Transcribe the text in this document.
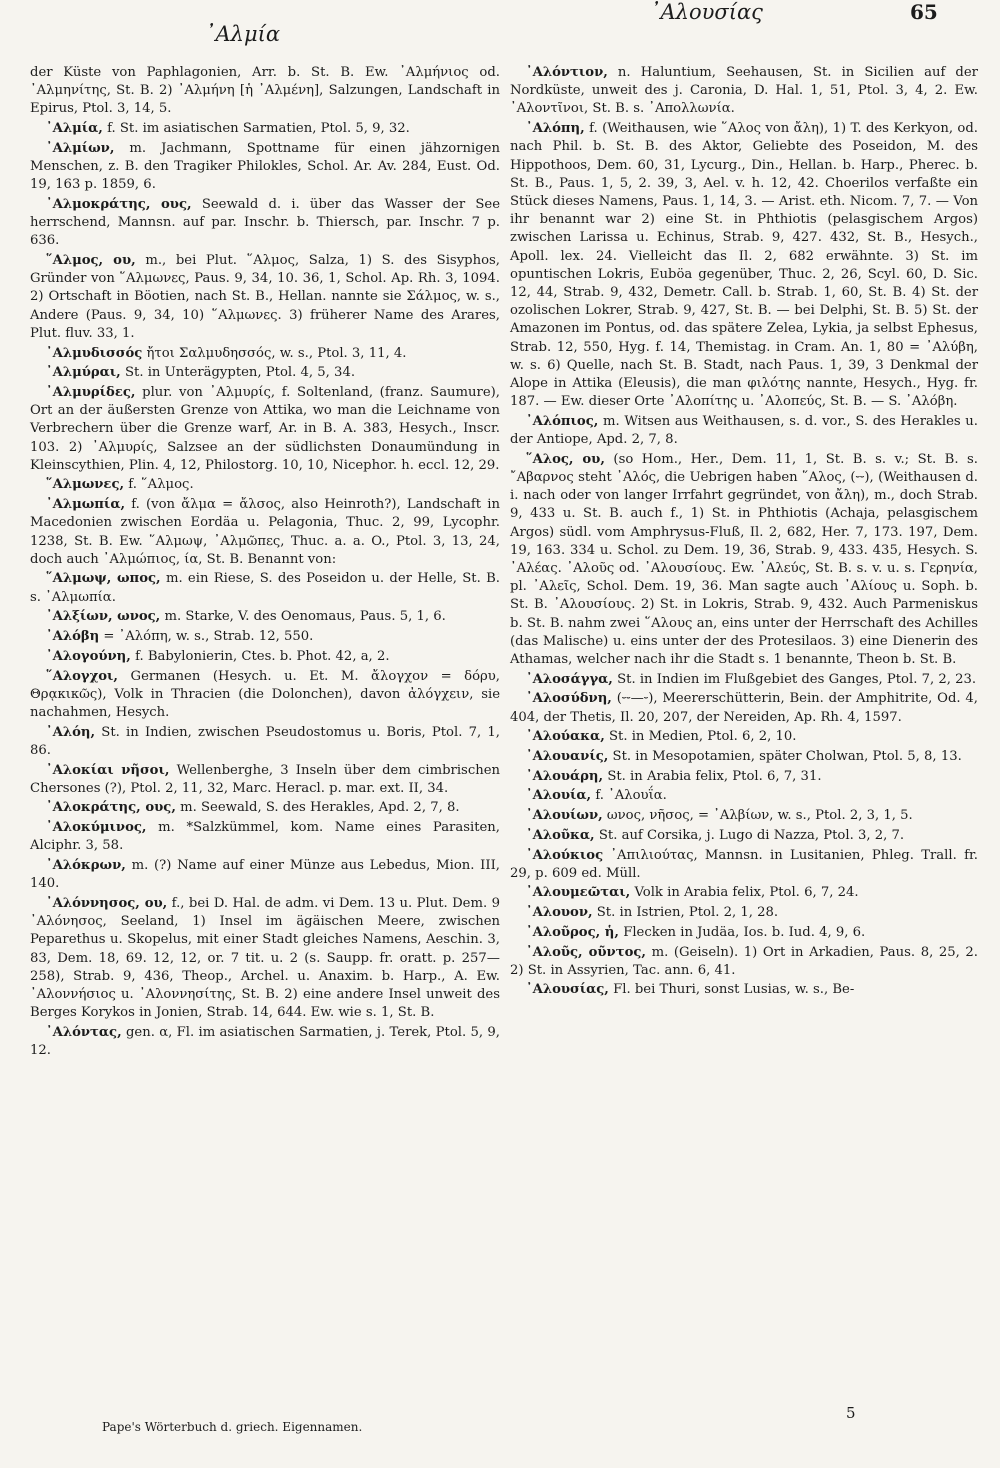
᾿Αλμία
᾿Αλουσίας	65

der Küste von Paphlagonien, Arr. b. St. B. Ew. ᾿Αλμήνιος od. ᾿Αλμηνίτης, St. B. 2) ᾿Αλμήνη [ἡ ᾿Αλμένη], Salzungen, Landschaft in Epirus, Ptol. 3, 14, 5.

᾿Αλμία, f. St. im asiatischen Sarmatien, Ptol. 5, 9, 32.

᾿Αλμίων, m. Jachmann, Spottname für einen jähzornigen Menschen, z. B. den Tragiker Philokles, Schol. Ar. Av. 284, Eust. Od. 19, 163 p. 1859, 6.

᾿Αλμοκράτης, ους, Seewald d. i. über das Wasser der See herrschend, Mannsn. auf par. Inschr. b. Thiersch, par. Inschr. 7 p. 636.

῞Αλμος, ου, m., bei Plut. ῞Αλμος, Salza, 1) S. des Sisyphos, Gründer von ῞Αλμωνες, Paus. 9, 34, 10. 36, 1, Schol. Ap. Rh. 3, 1094. 2) Ortschaft in Böotien, nach St. B., Hellan. nannte sie Σάλμος, w. s., Andere (Paus. 9, 34, 10) ῞Αλμωνες. 3) früherer Name des Arares, Plut. fluv. 33, 1.

᾿Αλμυδισσός ἤτοι Σαλμυδησσός, w. s., Ptol. 3, 11, 4.

᾿Αλμύραι, St. in Unterägypten, Ptol. 4, 5, 34.

᾿Αλμυρίδες, plur. von ᾿Αλμυρίς, f. Soltenland, (franz. Saumure), Ort an der äußersten Grenze von Attika, wo man die Leichname von Verbrechern über die Grenze warf, Ar. in B. A. 383, Hesych., Inscr. 103. 2) ᾿Αλμυρίς, Salzsee an der südlichsten Donaumündung in Kleinscythien, Plin. 4, 12, Philostorg. 10, 10, Nicephor. h. eccl. 12, 29.

῞Αλμωνες, f. ῞Αλμος.

᾿Αλμωπία, f. (von ἄλμα = ἄλσος, also Heinroth?), Landschaft in Macedonien zwischen Eordäa u. Pelagonia, Thuc. 2, 99, Lycophr. 1238, St. B. Ew. ῞Αλμωψ, ᾿Αλμῶπες, Thuc. a. a. O., Ptol. 3, 13, 24, doch auch ᾿Αλμώπιος, ία, St. B. Benannt von:

῞Αλμωψ, ωπος, m. ein Riese, S. des Poseidon u. der Helle, St. B. s. ᾿Αλμωπία.

᾿Αλξίων, ωνος, m. Starke, V. des Oenomaus, Paus. 5, 1, 6.

᾿Αλόβη = ᾿Αλόπη, w. s., Strab. 12, 550.

᾿Αλογούνη, f. Babylonierin, Ctes. b. Phot. 42, a, 2.

῞Αλογχοι, Germanen (Hesych. u. Et. M. ἄλογχον = δόρυ, Θρᾳκικῶς), Volk in Thracien (die Dolonchen), davon ἀλόγχειν, sie nachahmen, Hesych.

᾿Αλόη, St. in Indien, zwischen Pseudostomus u. Boris, Ptol. 7, 1, 86.

᾿Αλοκίαι νῆσοι, Wellenberghe, 3 Inseln über dem cimbrischen Chersones (?), Ptol. 2, 11, 32, Marc. Heracl. p. mar. ext. II, 34.

᾿Αλοκράτης, ους, m. Seewald, S. des Herakles, Apd. 2, 7, 8.

᾿Αλοκύμινος, m. *Salzkümmel, kom. Name eines Parasiten, Alciphr. 3, 58.

᾿Αλόκρων, m. (?) Name auf einer Münze aus Lebedus, Mion. III, 140.

᾿Αλόννησος, ου, f., bei D. Hal. de adm. vi Dem. 13 u. Plut. Dem. 9 ᾿Αλόνησος, Seeland, 1) Insel im ägäischen Meere, zwischen Peparethus u. Skopelus, mit einer Stadt gleiches Namens, Aeschin. 3, 83, Dem. 18, 69. 12, 12, or. 7 tit. u. 2 (s. Saupp. fr. oratt. p. 257—258), Strab. 9, 436, Theop., Archel. u. Anaxim. b. Harp., A. Ew. ᾿Αλοννήσιος u. ᾿Αλοννησίτης, St. B. 2) eine andere Insel unweit des Berges Korykos in Jonien, Strab. 14, 644. Ew. wie s. 1, St. B.

᾿Αλόντας, gen. α, Fl. im asiatischen Sarmatien, j. Terek, Ptol. 5, 9, 12.

᾿Αλόντιον, n. Haluntium, Seehausen, St. in Sicilien auf der Nordküste, unweit des j. Caronia, D. Hal. 1, 51, Ptol. 3, 4, 2. Ew. ᾿Αλοντῖνοι, St. B. s. ᾿Απολλωνία.

᾿Αλόπη, f. (Weithausen, wie ῞Αλος von ἄλη), 1) T. des Kerkyon, od. nach Phil. b. St. B. des Aktor, Geliebte des Poseidon, M. des Hippothoos, Dem. 60, 31, Lycurg., Din., Hellan. b. Harp., Pherec. b. St. B., Paus. 1, 5, 2. 39, 3, Ael. v. h. 12, 42. Choerilos verfaßte ein Stück dieses Namens, Paus. 1, 14, 3. — Arist. eth. Nicom. 7, 7. — Von ihr benannt war 2) eine St. in Phthiotis (pelasgischem Argos) zwischen Larissa u. Echinus, Strab. 9, 427. 432, St. B., Hesych., Apoll. lex. 24. Vielleicht das Il. 2, 682 erwähnte. 3) St. im opuntischen Lokris, Euböa gegenüber, Thuc. 2, 26, Scyl. 60, D. Sic. 12, 44, Strab. 9, 432, Demetr. Call. b. Strab. 1, 60, St. B. 4) St. der ozolischen Lokrer, Strab. 9, 427, St. B. — bei Delphi, St. B. 5) St. der Amazonen im Pontus, od. das spätere Zelea, Lykia, ja selbst Ephesus, Strab. 12, 550, Hyg. f. 14, Themistag. in Cram. An. 1, 80 = ᾿Αλύβη, w. s. 6) Quelle, nach St. B. Stadt, nach Paus. 1, 39, 3 Denkmal der Alope in Attika (Eleusis), die man φιλότης nannte, Hesych., Hyg. fr. 187. — Ew. dieser Orte ᾿Αλοπίτης u. ᾿Αλοπεύς, St. B. — S. ᾿Αλόβη.

᾿Αλόπιος, m. Witsen aus Weithausen, s. d. vor., S. des Herakles u. der Antiope, Apd. 2, 7, 8.

῞Αλος, ου, (so Hom., Her., Dem. 11, 1, St. B. s. v.; St. B. s. ῎Αβαρνος steht ᾿Αλός, die Uebrigen haben ῞Αλος, (⏑⏑), (Weithausen d. i. nach oder von langer Irrfahrt gegründet, von ἄλη), m., doch Strab. 9, 433 u. St. B. auch f., 1) St. in Phthiotis (Achaja, pelasgischem Argos) südl. vom Amphrysus-Fluß, Il. 2, 682, Her. 7, 173. 197, Dem. 19, 163. 334 u. Schol. zu Dem. 19, 36, Strab. 9, 433. 435, Hesych. S. ᾿Αλέας. ᾿Αλοῦς od. ᾿Αλουσίους. Ew. ᾿Αλεύς, St. B. s. v. u. s. Γερηνία, pl. ᾿Αλεῖς, Schol. Dem. 19, 36. Man sagte auch ᾿Αλίους u. Soph. b. St. B. ᾿Αλουσίους. 2) St. in Lokris, Strab. 9, 432. Auch Parmeniskus b. St. B. nahm zwei ῞Αλους an, eins unter der Herrschaft des Achilles (das Malische) u. eins unter der des Protesilaos. 3) eine Dienerin des Athamas, welcher nach ihr die Stadt s. 1 benannte, Theon b. St. B.

᾿Αλοσάγγα, St. in Indien im Flußgebiet des Ganges, Ptol. 7, 2, 23.

᾿Αλοσύδνη, (⏑⏑—⏑), Meererschütterin, Bein. der Amphitrite, Od. 4, 404, der Thetis, Il. 20, 207, der Nereiden, Ap. Rh. 4, 1597.

᾿Αλούακα, St. in Medien, Ptol. 6, 2, 10.

᾿Αλουανίς, St. in Mesopotamien, später Cholwan, Ptol. 5, 8, 13.

᾿Αλουάρη, St. in Arabia felix, Ptol. 6, 7, 31.

᾿Αλουία, f. ᾿Αλουΐα.

᾿Αλουίων, ωνος, νῆσος, = ᾿Αλβίων, w. s., Ptol. 2, 3, 1, 5.

᾿Αλοῦκα, St. auf Corsika, j. Lugo di Nazza, Ptol. 3, 2, 7.

᾿Αλούκιος ᾿Απιλιούτας, Mannsn. in Lusitanien, Phleg. Trall. fr. 29, p. 609 ed. Müll.

᾿Αλουμεῶται, Volk in Arabia felix, Ptol. 6, 7, 24.

᾿Αλουον, St. in Istrien, Ptol. 2, 1, 28.

᾿Αλοῦρος, ἡ, Flecken in Judäa, Ios. b. Iud. 4, 9, 6.

᾿Αλοῦς, οῦντος, m. (Geiseln). 1) Ort in Arkadien, Paus. 8, 25, 2. 2) St. in Assyrien, Tac. ann. 6, 41.

᾿Αλουσίας, Fl. bei Thuri, sonst Lusias, w. s., Be-

Pape's Wörterbuch d. griech. Eigennamen.
5
